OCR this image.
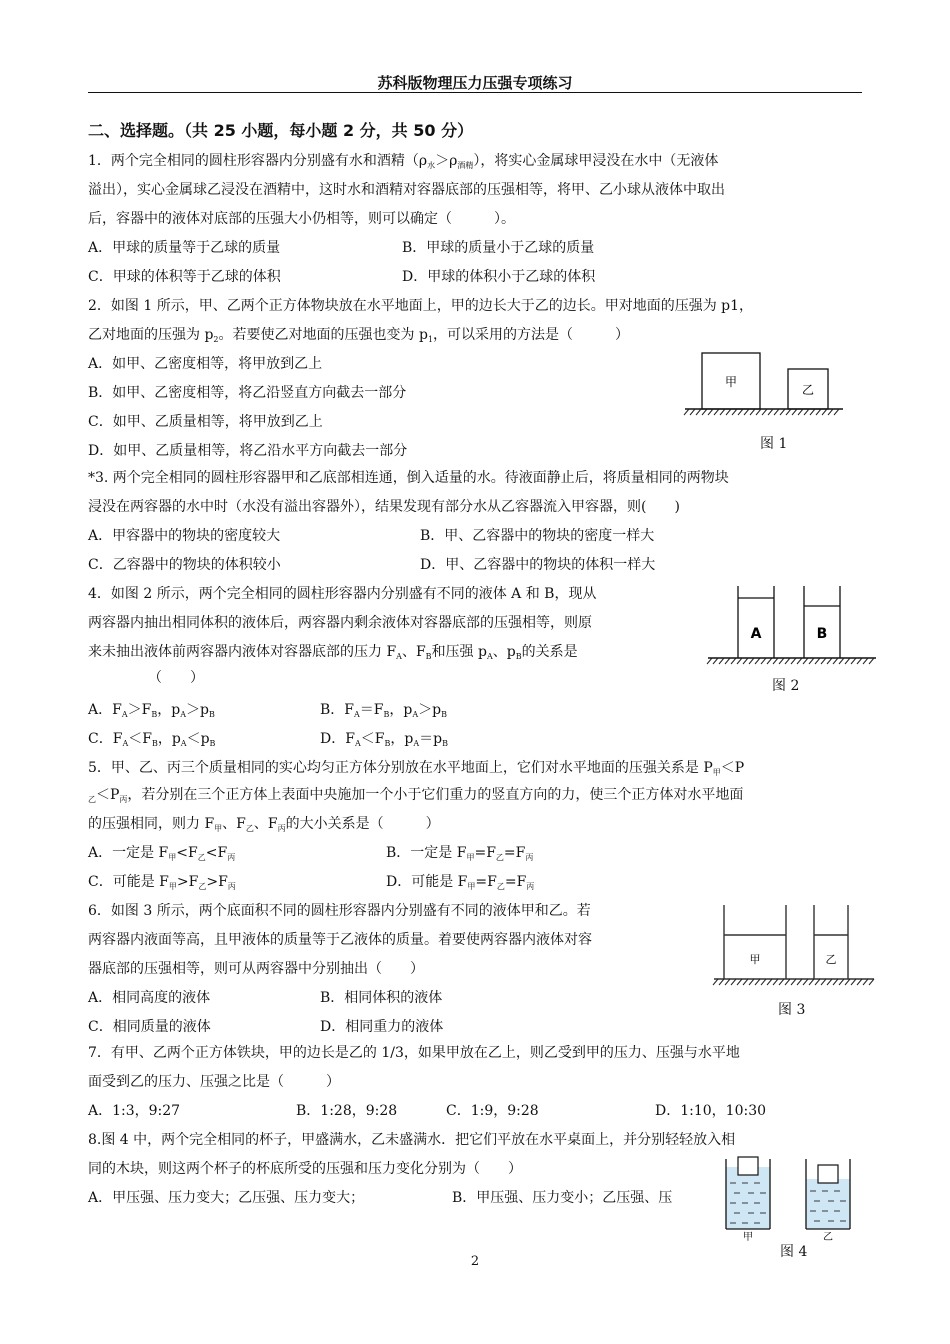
苏科版物理压力压强专项练习
二、选择题。（共 25 小题，每小题 2 分，共 50 分）
1．两个完全相同的圆柱形容器内分别盛有水和酒精$(\rho_水>\rho_{酒精})$，将实心金属球甲浸没在水中（无液体
溢出），实心金属球乙浸没在酒精中，这时水和酒精对容器底部的压强相等，将甲、乙小球从液体中取出
后，容器中的液体对底部的压强大小仍相等，则可以确定（　　　）。
A．甲球的质量等于乙球的质量	B．甲球的质量小于乙球的质量
C．甲球的体积等于乙球的体积	D．甲球的体积小于乙球的体积
2．如图 1 所示，甲、乙两个正方体物块放在水平地面上，甲的边长大于乙的边长。甲对地面的压强为 p1，
乙对地面的压强为 $p_2$。若要使乙对地面的压强也变为 $p_1$，可以采用的方法是（　　　）
A．如甲、乙密度相等，将甲放到乙上
B．如甲、乙密度相等，将乙沿竖直方向截去一部分
C．如甲、乙质量相等，将甲放到乙上
D．如甲、乙质量相等，将乙沿水平方向截去一部分
甲
乙
图 1
*3. 两个完全相同的圆柱形容器甲和乙底部相连通，倒入适量的水。待液面静止后，将质量相同的两物块
浸没在两容器的水中时（水没有溢出容器外），结果发现有部分水从乙容器流入甲容器，则(　　)
A．甲容器中的物块的密度较大	B．甲、乙容器中的物块的密度一样大
C．乙容器中的物块的体积较小	D．甲、乙容器中的物块的体积一样大
4．如图 2 所示，两个完全相同的圆柱形容器内分别盛有不同的液体 A 和 B，现从
两容器内抽出相同体积的液体后，两容器内剩余液体对容器底部的压强相等，则原
来未抽出液体前两容器内液体对容器底部的压力 $F_A$、$F_B$和压强 $p_A$、$p_B$的关系是
（　　）
A．$F_A>F_B$，$p_A>p_B$	B．$F_A=F_B$，$p_A>p_B$
C．$F_A<F_B$，$p_A<p_B$	D．$F_A<F_B$，$p_A=p_B$
A	B
图 2
5．甲、乙、丙三个质量相同的实心均匀正方体分别放在水平地面上，它们对水平地面的压强关系是 $P_甲<P$
$_乙<P_丙$，若分别在三个正方体上表面中央施加一个小于它们重力的竖直方向的力，使三个正方体对水平地面
的压强相同，则力 $F_甲$、$F_乙$、$F_丙$的大小关系是（　　　）
A．一定是 $F_甲<F_乙<F_丙$	B．一定是 $F_甲=F_乙=F_丙$
C．可能是 $F_甲>F_乙>F_丙$	D．可能是 $F_甲=F_乙=F_丙$
6．如图 3 所示，两个底面积不同的圆柱形容器内分别盛有不同的液体甲和乙。若
两容器内液面等高，且甲液体的质量等于乙液体的质量。着要使两容器内液体对容
器底部的压强相等，则可从两容器中分别抽出（　　）
A．相同高度的液体	B．相同体积的液体
C．相同质量的液体	D．相同重力的液体
甲	乙
图 3
7．有甲、乙两个正方体铁块，甲的边长是乙的 1/3，如果甲放在乙上，则乙受到甲的压力、压强与水平地
面受到乙的压力、压强之比是（　　　）
A．1:3，9:27	B．1:28，9:28	C．1:9，9:28	D．1:10，10:30
8.图 4 中，两个完全相同的杯子，甲盛满水，乙未盛满水．把它们平放在水平桌面上，并分别轻轻放入相
同的木块，则这两个杯子的杯底所受的压强和压力变化分别为（　　）
A．甲压强、压力变大；乙压强、压力变大；	B．甲压强、压力变小；乙压强、压
甲	乙
图 4
2
